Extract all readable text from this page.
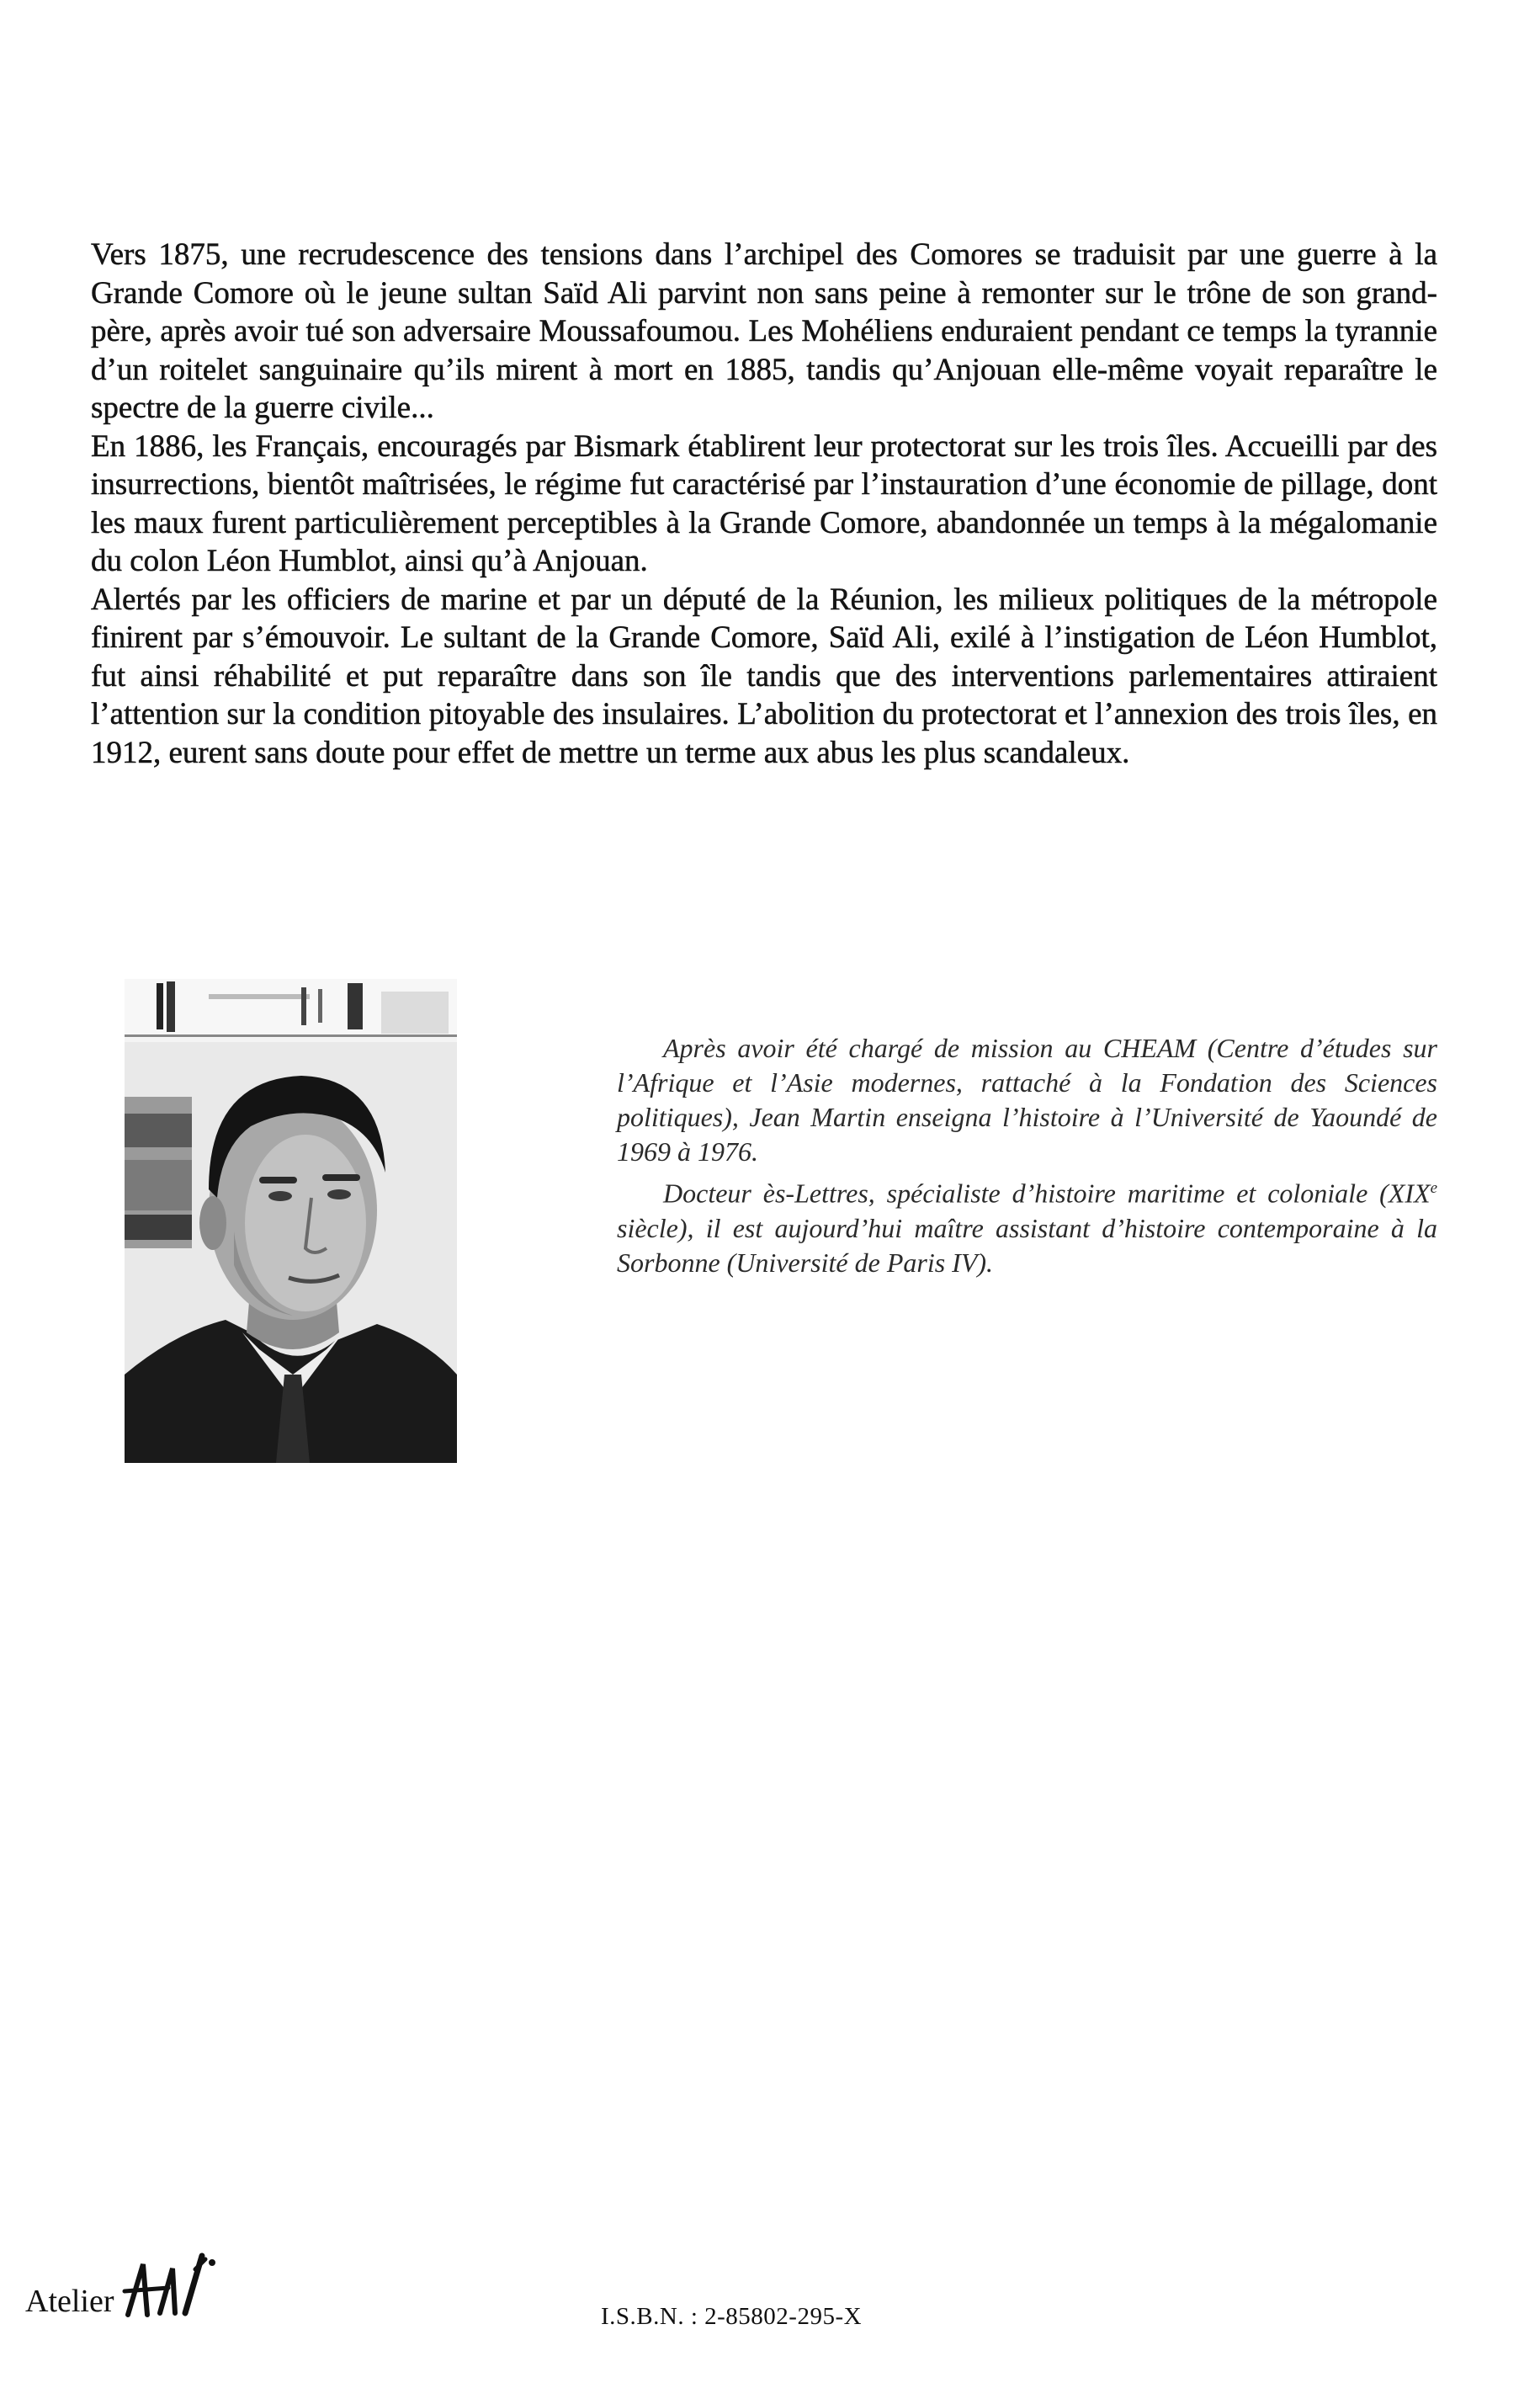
Vers 1875, une recrudescence des tensions dans l’archipel des Comores se traduisit par une guerre à la Grande Comore où le jeune sultan Saïd Ali parvint non sans peine à remonter sur le trône de son grand-père, après avoir tué son adversaire Moussafoumou. Les Mohéliens enduraient pendant ce temps la tyrannie d’un roitelet sanguinaire qu’ils mirent à mort en 1885, tandis qu’Anjouan elle-même voyait reparaître le spectre de la guerre civile...

En 1886, les Français, encouragés par Bismark établirent leur protectorat sur les trois îles. Accueilli par des insurrections, bientôt maîtrisées, le régime fut caractérisé par l’instauration d’une économie de pillage, dont les maux furent particulièrement perceptibles à la Grande Comore, abandonnée un temps à la mégalomanie du colon Léon Humblot, ainsi qu’à Anjouan.

Alertés par les officiers de marine et par un député de la Réunion, les milieux politiques de la métropole finirent par s’émouvoir. Le sultant de la Grande Comore, Saïd Ali, exilé à l’instigation de Léon Humblot, fut ainsi réhabilité et put reparaître dans son île tandis que des interventions parlementaires attiraient l’attention sur la condition pitoyable des insulaires. L’abolition du protectorat et l’annexion des trois îles, en 1912, eurent sans doute pour effet de mettre un terme aux abus les plus scandaleux.

Après avoir été chargé de mission au CHEAM (Centre d’études sur l’Afrique et l’Asie modernes, rattaché à la Fondation des Sciences politiques), Jean Martin enseigna l’histoire à l’Université de Yaoundé de 1969 à 1976.

Docteur ès-Lettres, spécialiste d’histoire maritime et coloniale (XIXe siècle), il est aujourd’hui maître assistant d’histoire contemporaine à la Sorbonne (Université de Paris IV).

Atelier	I.S.B.N. : 2-85802-295-X
